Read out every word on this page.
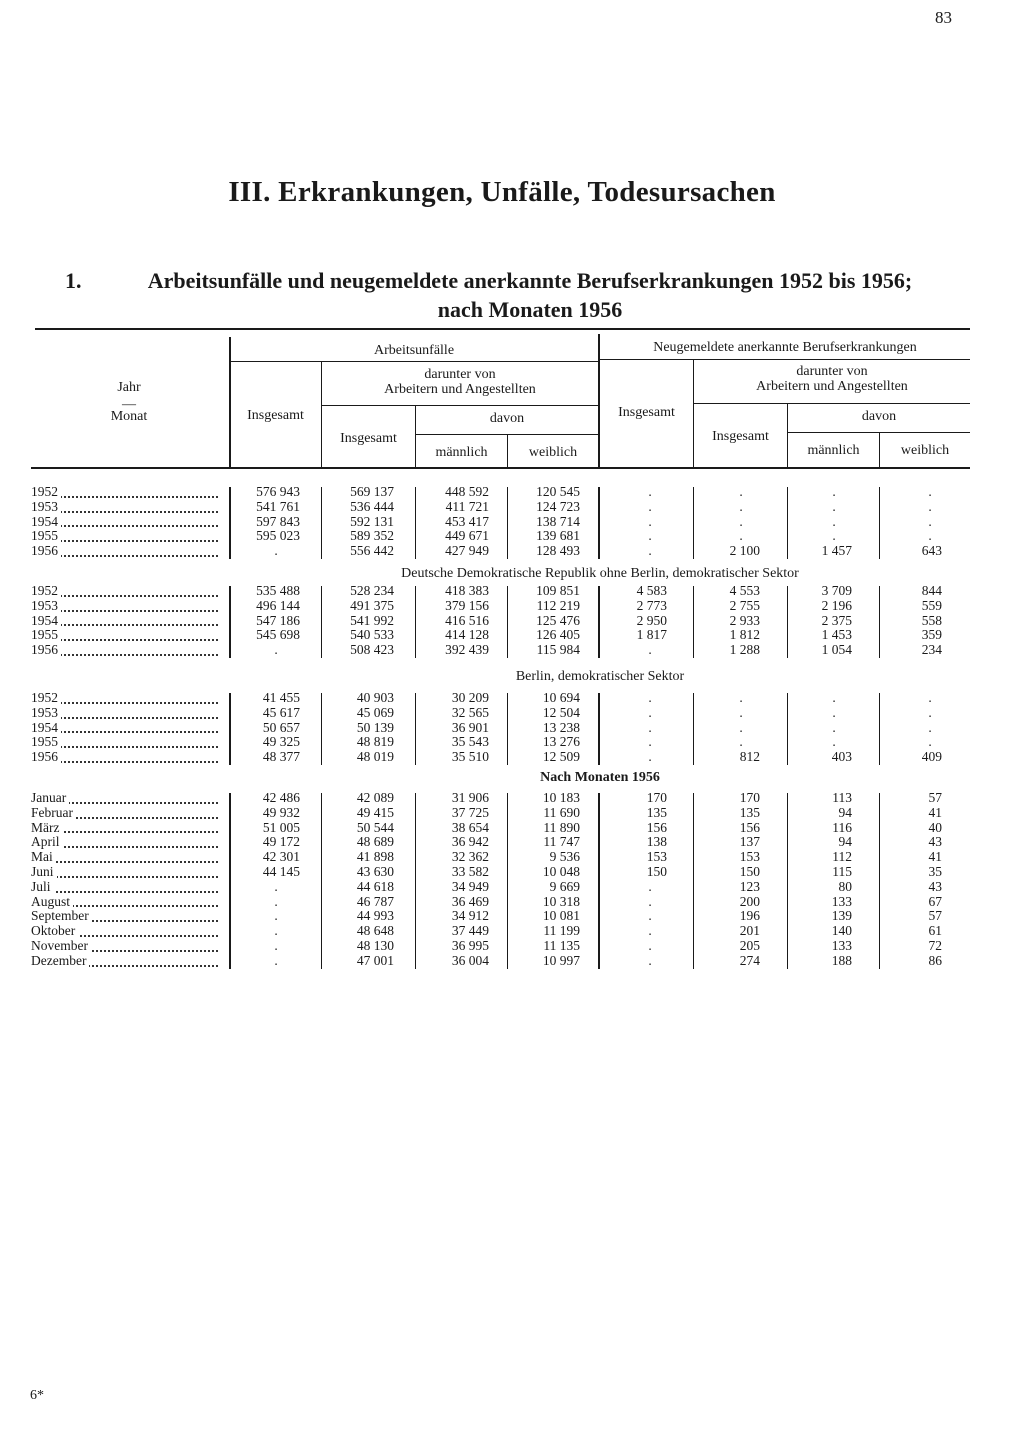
83
III. Erkrankungen, Unfälle, Todesursachen
1.	Arbeitsunfälle und neugemeldete anerkannte Berufserkrankungen 1952 bis 1956;
nach Monaten 1956
Jahr
—
Monat
Arbeitsunfälle	Neugemeldete anerkannte Berufserkrankungen
Insgesamt
darunter von
Arbeitern und Angestellten
Insgesamt
davon
männlich	weiblich
Insgesamt
darunter von
Arbeitern und Angestellten
Insgesamt
davon
männlich	weiblich
1952	576 943	569 137	448 592	120 545	.	.	.	.
1953	541 761	536 444	411 721	124 723	.	.	.	.
1954	597 843	592 131	453 417	138 714	.	.	.	.
1955	595 023	589 352	449 671	139 681	.	.	.	.
1956	.	556 442	427 949	128 493	.	2 100	1 457	643
Deutsche Demokratische Republik ohne Berlin, demokratischer Sektor
1952	535 488	528 234	418 383	109 851	4 583	4 553	3 709	844
1953	496 144	491 375	379 156	112 219	2 773	2 755	2 196	559
1954	547 186	541 992	416 516	125 476	2 950	2 933	2 375	558
1955	545 698	540 533	414 128	126 405	1 817	1 812	1 453	359
1956	.	508 423	392 439	115 984	.	1 288	1 054	234
Berlin, demokratischer Sektor
1952	41 455	40 903	30 209	10 694	.	.	.	.
1953	45 617	45 069	32 565	12 504	.	.	.	.
1954	50 657	50 139	36 901	13 238	.	.	.	.
1955	49 325	48 819	35 543	13 276	.	.	.	.
1956	48 377	48 019	35 510	12 509	.	812	403	409
Nach Monaten 1956
Januar	42 486	42 089	31 906	10 183	170	170	113	57
Februar	49 932	49 415	37 725	11 690	135	135	94	41
März	51 005	50 544	38 654	11 890	156	156	116	40
April	49 172	48 689	36 942	11 747	138	137	94	43
Mai	42 301	41 898	32 362	9 536	153	153	112	41
Juni	44 145	43 630	33 582	10 048	150	150	115	35
Juli	.	44 618	34 949	9 669	.	123	80	43
August	.	46 787	36 469	10 318	.	200	133	67
September	.	44 993	34 912	10 081	.	196	139	57
Oktober	.	48 648	37 449	11 199	.	201	140	61
November	.	48 130	36 995	11 135	.	205	133	72
Dezember	.	47 001	36 004	10 997	.	274	188	86
6*
